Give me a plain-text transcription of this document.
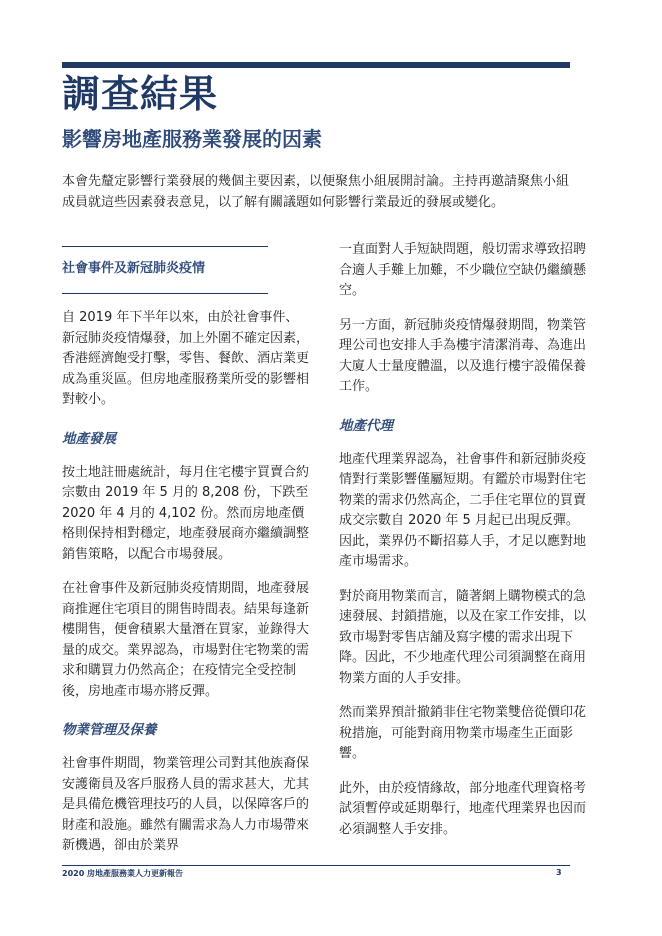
調查結果
影響房地產服務業發展的因素

本會先釐定影響行業發展的幾個主要因素，以便聚焦小組展開討論。主持再邀請聚焦小組成員就這些因素發表意見，以了解有關議題如何影響行業最近的發展或變化。

社會事件及新冠肺炎疫情

自 2019 年下半年以來，由於社會事件、新冠肺炎疫情爆發，加上外圍不確定因素，香港經濟飽受打擊，零售、餐飲、酒店業更成為重災區。但房地產服務業所受的影響相對較小。

地產發展

按土地註冊處統計，每月住宅樓宇買賣合約宗數由 2019 年 5 月的 8,208 份，下跌至 2020 年 4 月的 4,102 份。然而房地產價格則保持相對穩定，地產發展商亦繼續調整銷售策略，以配合市場發展。

在社會事件及新冠肺炎疫情期間，地產發展商推遲住宅項目的開售時間表。結果每逢新樓開售，便會積累大量潛在買家，並錄得大量的成交。業界認為，市場對住宅物業的需求和購買力仍然高企；在疫情完全受控制後，房地產市場亦將反彈。

物業管理及保養

社會事件期間，物業管理公司對其他族裔保安護衛員及客戶服務人員的需求甚大，尤其是具備危機管理技巧的人員，以保障客戶的財產和設施。雖然有關需求為人力市場帶來新機遇，卻由於業界

一直面對人手短缺問題，般切需求導致招聘合適人手難上加難，不少職位空缺仍繼續懸空。

另一方面，新冠肺炎疫情爆發期間，物業管理公司也安排人手為樓宇清潔消毒、為進出大廈人士量度體溫，以及進行樓宇設備保養工作。

地產代理

地產代理業界認為，社會事件和新冠肺炎疫情對行業影響僅屬短期。有鑑於市場對住宅物業的需求仍然高企，二手住宅單位的買賣成交宗數自 2020 年 5 月起已出現反彈。因此，業界仍不斷招募人手，才足以應對地產市場需求。

對於商用物業而言，隨著網上購物模式的急速發展、封鎖措施，以及在家工作安排，以致市場對零售店舖及寫字樓的需求出現下降。因此，不少地產代理公司須調整在商用物業方面的人手安排。

然而業界預計撤銷非住宅物業雙倍從價印花稅措施，可能對商用物業市場產生正面影響。

此外，由於疫情緣故，部分地產代理資格考試須暫停或延期舉行，地產代理業界也因而必須調整人手安排。

2020 房地產服務業人力更新報告	3
